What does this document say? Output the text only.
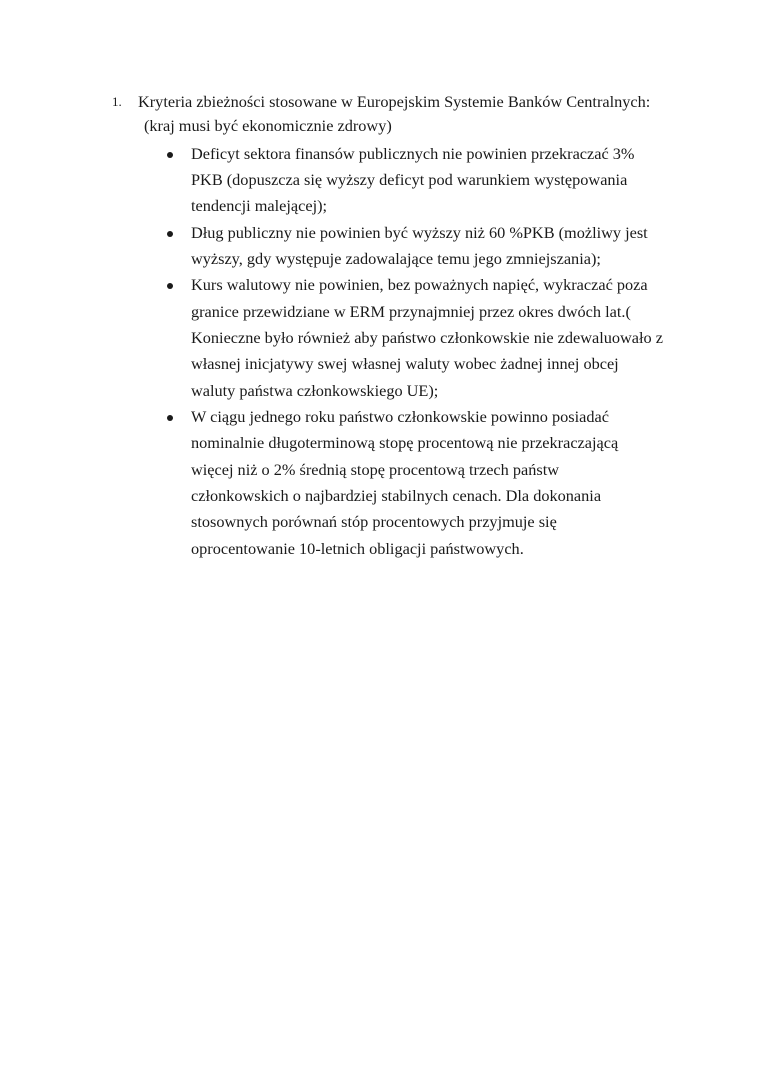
1. Kryteria zbieżności stosowane w Europejskim Systemie Banków Centralnych:
(kraj musi być ekonomicznie zdrowy)
Deficyt sektora finansów publicznych nie powinien przekraczać 3%
PKB (dopuszcza się wyższy deficyt pod warunkiem występowania
tendencji malejącej);
Dług publiczny nie powinien być wyższy niż 60 %PKB (możliwy jest
wyższy, gdy występuje zadowalające temu jego zmniejszania);
Kurs walutowy nie powinien, bez poważnych napięć, wykraczać poza
granice przewidziane w ERM przynajmniej przez okres dwóch lat.(
Konieczne było również aby państwo członkowskie nie zdewaluowało z
własnej inicjatywy swej własnej waluty wobec żadnej innej obcej
waluty państwa członkowskiego UE);
W ciągu jednego roku państwo członkowskie powinno posiadać
nominalnie długoterminową stopę procentową nie przekraczającą
więcej niż o 2% średnią stopę procentową trzech państw
członkowskich o najbardziej stabilnych cenach. Dla dokonania
stosownych porównań stóp procentowych przyjmuje się
oprocentowanie 10-letnich obligacji państwowych.
